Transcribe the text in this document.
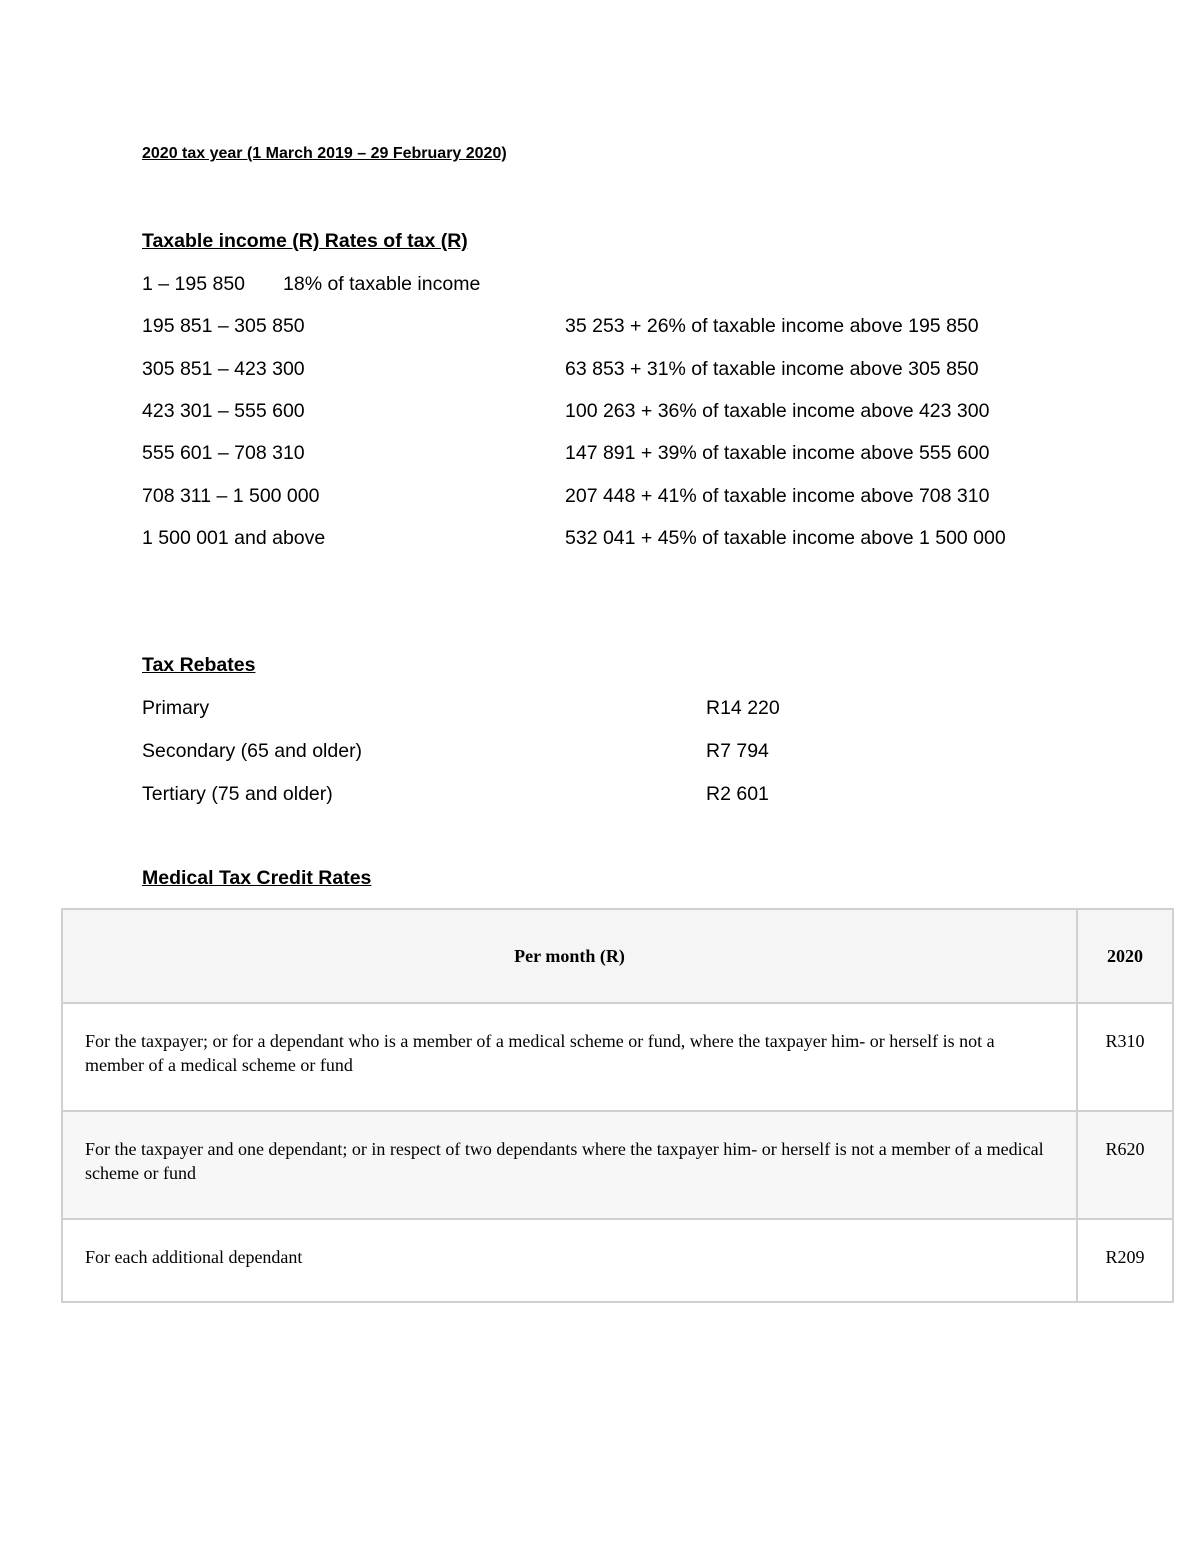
2020 tax year (1 March 2019 – 29 February 2020)
Taxable income (R) Rates of tax (R)
1 – 195 850 18% of taxable income
195 851 – 305 850	35 253 + 26% of taxable income above 195 850
305 851 – 423 300	63 853 + 31% of taxable income above 305 850
423 301 – 555 600	100 263 + 36% of taxable income above 423 300
555 601 – 708 310	147 891 + 39% of taxable income above 555 600
708 311 – 1 500 000	207 448 + 41% of taxable income above 708 310
1 500 001 and above	532 041 + 45% of taxable income above 1 500 000
Tax Rebates
Primary	R14 220
Secondary (65 and older)	R7 794
Tertiary (75 and older)	R2 601
Medical Tax Credit Rates
Per month (R)	2020
For the taxpayer; or for a dependant who is a member of a medical scheme or fund, where the taxpayer him- or herself is not a member of a medical scheme or fund	R310
For the taxpayer and one dependant; or in respect of two dependants where the taxpayer him- or herself is not a member of a medical scheme or fund	R620
For each additional dependant	R209
